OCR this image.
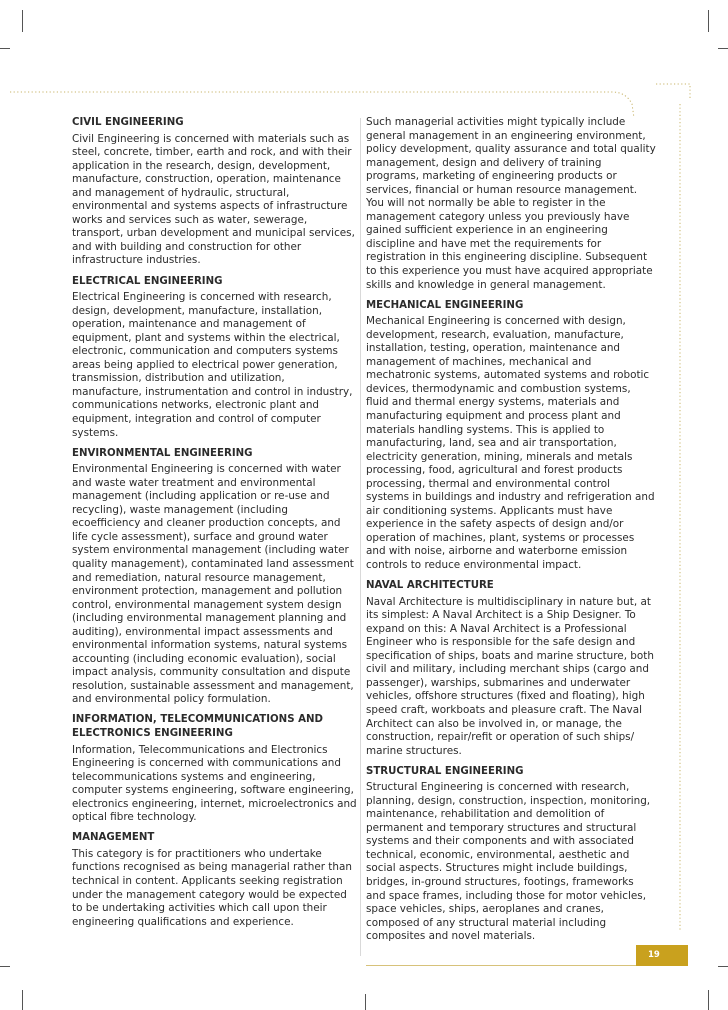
CIVIL ENGINEERING

Civil Engineering is concerned with materials such as steel, concrete, timber, earth and rock, and with their application in the research, design, development, manufacture, construction, operation, maintenance and management of hydraulic, structural, environmental and systems aspects of infrastructure works and services such as water, sewerage, transport, urban development and municipal services, and with building and construction for other infrastructure industries.

ELECTRICAL ENGINEERING

Electrical Engineering is concerned with research, design, development, manufacture, installation, operation, maintenance and management of equipment, plant and systems within the electrical, electronic, communication and computers systems areas being applied to electrical power generation, transmission, distribution and utilization, manufacture, instrumentation and control in industry, communications networks, electronic plant and equipment, integration and control of computer systems.

ENVIRONMENTAL ENGINEERING

Environmental Engineering is concerned with water and waste water treatment and environmental management (including application or re-use and recycling), waste management (including ecoefficiency and cleaner production concepts, and life cycle assessment), surface and ground water system environmental management (including water quality management), contaminated land assessment and remediation, natural resource management, environment protection, management and pollution control, environmental management system design (including environmental management planning and auditing), environmental impact assessments and environmental information systems, natural systems accounting (including economic evaluation), social impact analysis, community consultation and dispute resolution, sustainable assessment and management, and environmental policy formulation.

INFORMATION, TELECOMMUNICATIONS AND ELECTRONICS ENGINEERING

Information, Telecommunications and Electronics Engineering is concerned with communications and telecommunications systems and engineering, computer systems engineering, software engineering, electronics engineering, internet, microelectronics and optical fibre technology.

MANAGEMENT

This category is for practitioners who undertake functions recognised as being managerial rather than technical in content. Applicants seeking registration under the management category would be expected to be undertaking activities which call upon their engineering qualifications and experience.

Such managerial activities might typically include general management in an engineering environment, policy development, quality assurance and total quality management, design and delivery of training programs, marketing of engineering products or services, financial or human resource management. You will not normally be able to register in the management category unless you previously have gained sufficient experience in an engineering discipline and have met the requirements for registration in this engineering discipline. Subsequent to this experience you must have acquired appropriate skills and knowledge in general management.

MECHANICAL ENGINEERING

Mechanical Engineering is concerned with design, development, research, evaluation, manufacture, installation, testing, operation, maintenance and management of machines, mechanical and mechatronic systems, automated systems and robotic devices, thermodynamic and combustion systems, fluid and thermal energy systems, materials and manufacturing equipment and process plant and materials handling systems. This is applied to manufacturing, land, sea and air transportation, electricity generation, mining, minerals and metals processing, food, agricultural and forest products processing, thermal and environmental control systems in buildings and industry and refrigeration and air conditioning systems. Applicants must have experience in the safety aspects of design and/or operation of machines, plant, systems or processes and with noise, airborne and waterborne emission controls to reduce environmental impact.

NAVAL ARCHITECTURE

Naval Architecture is multidisciplinary in nature but, at its simplest: A Naval Architect is a Ship Designer. To expand on this: A Naval Architect is a Professional Engineer who is responsible for the safe design and specification of ships, boats and marine structure, both civil and military, including merchant ships (cargo and passenger), warships, submarines and underwater vehicles, offshore structures (fixed and floating), high speed craft, workboats and pleasure craft. The Naval Architect can also be involved in, or manage, the construction, repair/refit or operation of such ships/ marine structures.

STRUCTURAL ENGINEERING

Structural Engineering is concerned with research, planning, design, construction, inspection, monitoring, maintenance, rehabilitation and demolition of permanent and temporary structures and structural systems and their components and with associated technical, economic, environmental, aesthetic and social aspects. Structures might include buildings, bridges, in-ground structures, footings, frameworks and space frames, including those for motor vehicles, space vehicles, ships, aeroplanes and cranes, composed of any structural material including composites and novel materials.

19
